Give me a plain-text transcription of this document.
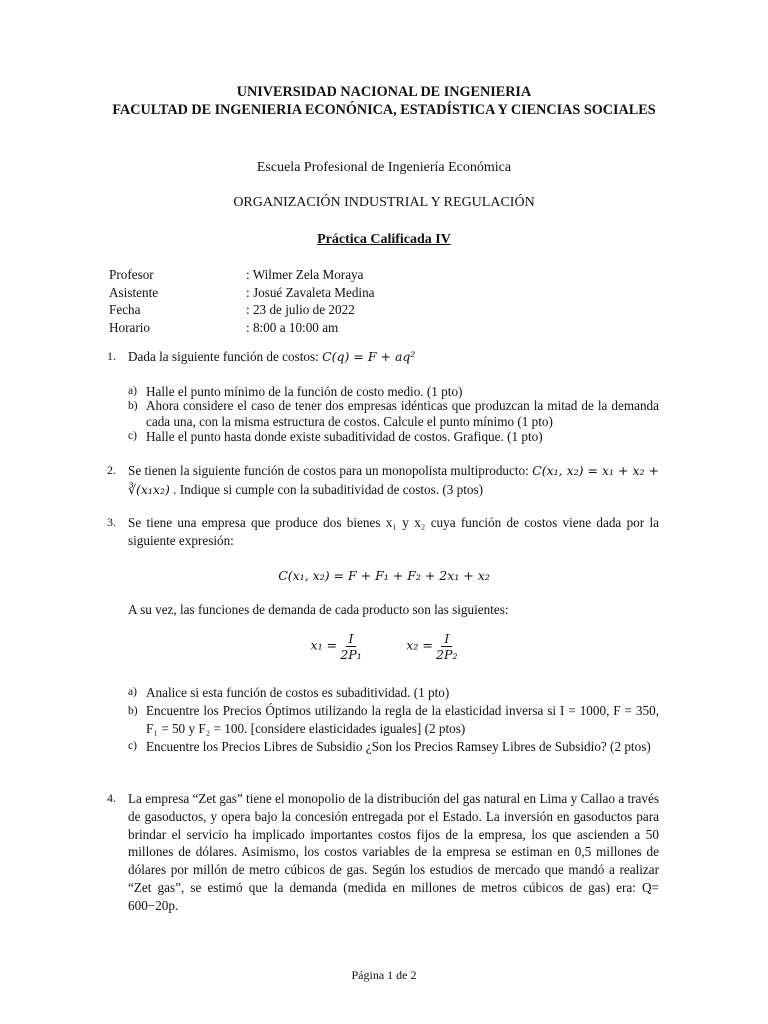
UNIVERSIDAD NACIONAL DE INGENIERIA
FACULTAD DE INGENIERIA ECONÓNICA, ESTADÍSTICA Y CIENCIAS SOCIALES
Escuela Profesional de Ingeniería Económica
ORGANIZACIÓN INDUSTRIAL Y REGULACIÓN
Práctica Calificada IV
Profesor	: Wilmer Zela Moraya
Asistente	: Josué Zavaleta Medina
Fecha	: 23 de julio de 2022
Horario	: 8:00 a 10:00 am
1. Dada la siguiente función de costos: C(q) = F + aq²
a) Halle el punto mínimo de la función de costo medio. (1 pto)
b) Ahora considere el caso de tener dos empresas idénticas que produzcan la mitad de la demanda cada una, con la misma estructura de costos. Calcule el punto mínimo (1 pto)
c) Halle el punto hasta donde existe subaditividad de costos. Grafique. (1 pto)
2. Se tienen la siguiente función de costos para un monopolista multiproducto: C(x₁, x₂) = x₁ + x₂ + ∛(x₁x₂) . Indique si cumple con la subaditividad de costos. (3 ptos)
3. Se tiene una empresa que produce dos bienes x₁ y x₂ cuya función de costos viene dada por la siguiente expresión:
C(x₁, x₂) = F + F₁ + F₂ + 2x₁ + x₂
A su vez, las funciones de demanda de cada producto son las siguientes:
$x_1 = \frac{I}{\text{2P₁}}$	$x_2 = \frac{I}{\text{2P₂}}$
a) Analice si esta función de costos es subaditividad. (1 pto)
b) Encuentre los Precios Óptimos utilizando la regla de la elasticidad inversa si I = 1000, F = 350, F₁ = 50 y F₂ = 100. [considere elasticidades iguales] (2 ptos)
c) Encuentre los Precios Libres de Subsidio ¿Son los Precios Ramsey Libres de Subsidio? (2 ptos)
4. La empresa “Zet gas” tiene el monopolio de la distribución del gas natural en Lima y Callao a través de gasoductos, y opera bajo la concesión entregada por el Estado. La inversión en gasoductos para brindar el servicio ha implicado importantes costos fijos de la empresa, los que ascienden a 50 millones de dólares. Asimismo, los costos variables de la empresa se estiman en 0,5 millones de dólares por millón de metro cúbicos de gas. Según los estudios de mercado que mandó a realizar “Zet gas”, se estimó que la demanda (medida en millones de metros cúbicos de gas) era: Q= 600−20p.
Página 1 de 2
